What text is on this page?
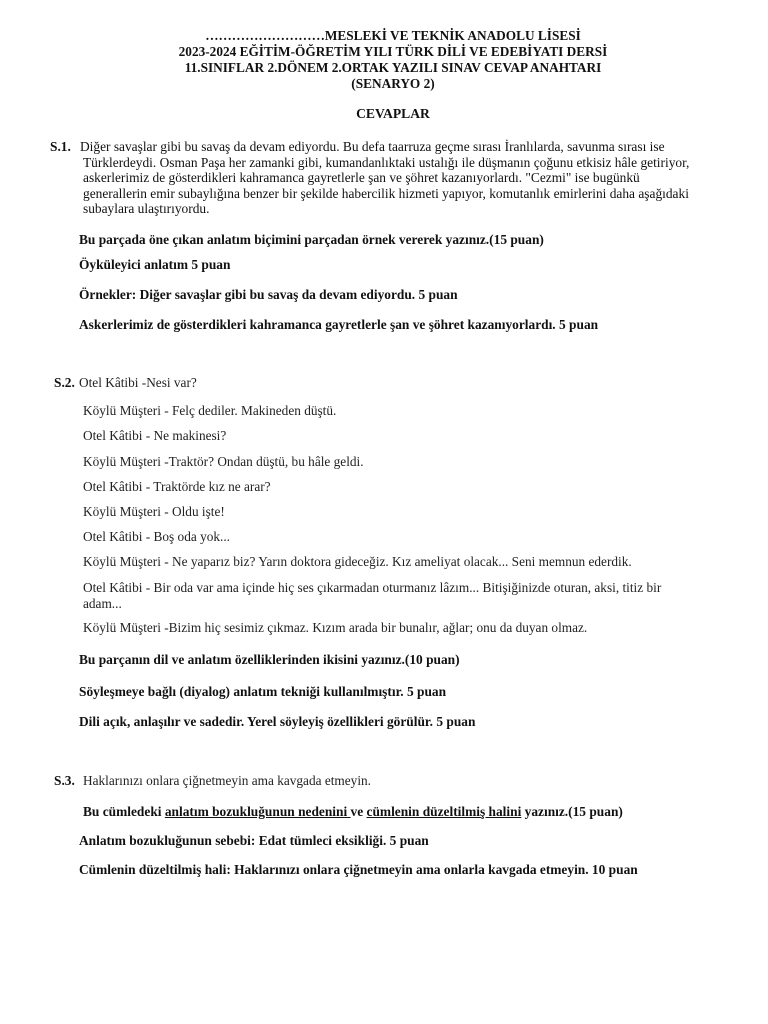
………………………MESLEKİ VE TEKNİK ANADOLU LİSESİ
2023-2024 EĞİTİM-ÖĞRETİM YILI TÜRK DİLİ VE EDEBİYATI DERSİ
11.SINIFLAR 2.DÖNEM 2.ORTAK YAZILI SINAV CEVAP ANAHTARI
(SENARYO 2)
CEVAPLAR
S.1. Diğer savaşlar gibi bu savaş da devam ediyordu. Bu defa taarruza geçme sırası İranlılarda, savunma sırası ise
Türklerdeydi. Osman Paşa her zamanki gibi, kumandanlıktaki ustalığı ile düşmanın çoğunu etkisiz hâle getiriyor,
askerlerimiz de gösterdikleri kahramanca gayretlerle şan ve şöhret kazanıyorlardı. "Cezmi" ise bugünkü
generallerin emir subaylığına benzer bir şekilde habercilik hizmeti yapıyor, komutanlık emirlerini daha aşağıdaki
subaylara ulaştırıyordu.
Bu parçada öne çıkan anlatım biçimini parçadan örnek vererek yazınız.(15 puan)
Öyküleyici anlatım 5 puan
Örnekler: Diğer savaşlar gibi bu savaş da devam ediyordu. 5 puan
Askerlerimiz de gösterdikleri kahramanca gayretlerle şan ve şöhret kazanıyorlardı. 5 puan
S.2. Otel Kâtibi -Nesi var?
Köylü Müşteri - Felç dediler. Makineden düştü.
Otel Kâtibi - Ne makinesi?
Köylü Müşteri -Traktör? Ondan düştü, bu hâle geldi.
Otel Kâtibi - Traktörde kız ne arar?
Köylü Müşteri - Oldu işte!
Otel Kâtibi - Boş oda yok...
Köylü Müşteri - Ne yaparız biz? Yarın doktora gideceğiz. Kız ameliyat olacak... Seni memnun ederdik.
Otel Kâtibi - Bir oda var ama içinde hiç ses çıkarmadan oturmanız lâzım... Bitişiğinizde oturan, aksi, titiz bir
adam...
Köylü Müşteri -Bizim hiç sesimiz çıkmaz. Kızım arada bir bunalır, ağlar; onu da duyan olmaz.
Bu parçanın dil ve anlatım özelliklerinden ikisini yazınız.(10 puan)
Söyleşmeye bağlı (diyalog) anlatım tekniği kullanılmıştır. 5 puan
Dili açık, anlaşılır ve sadedir. Yerel söyleyiş özellikleri görülür. 5 puan
S.3. Haklarınızı onlara çiğnetmeyin ama kavgada etmeyin.
Bu cümledeki anlatım bozukluğunun nedenini ve cümlenin düzeltilmiş halini yazınız.(15 puan)
Anlatım bozukluğunun sebebi: Edat tümleci eksikliği. 5 puan
Cümlenin düzeltilmiş hali: Haklarınızı onlara çiğnetmeyin ama onlarla kavgada etmeyin. 10 puan
